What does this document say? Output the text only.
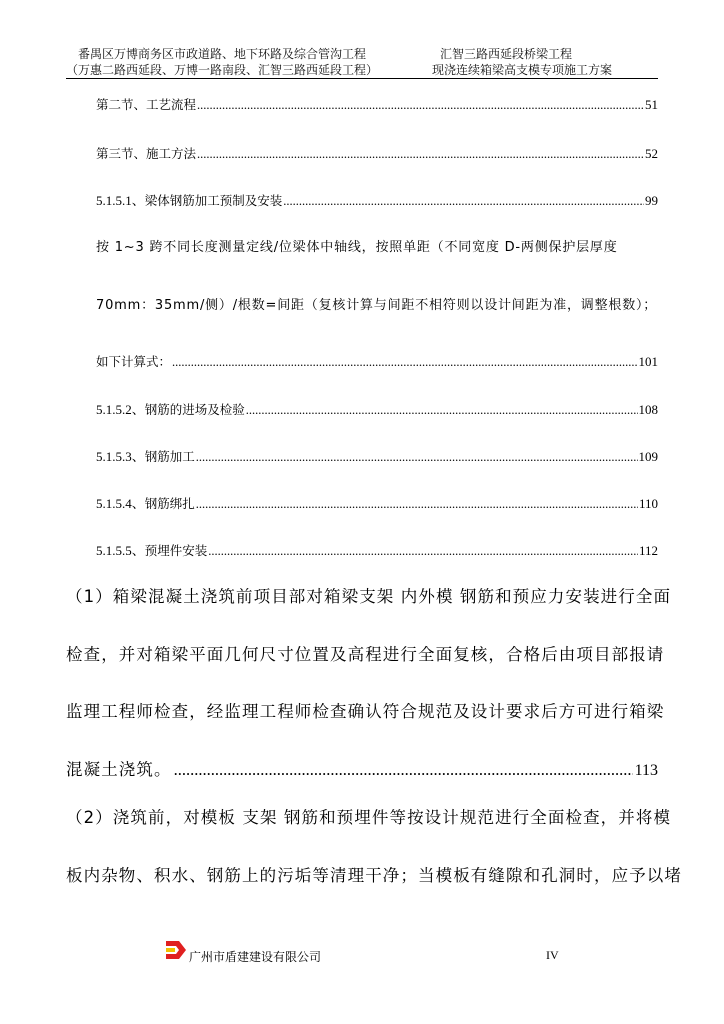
番禺区万博商务区市政道路、地下环路及综合管沟工程
（万惠二路西延段、万博一路南段、汇智三路西延段工程）
汇智三路西延段桥梁工程
现浇连续箱梁高支模专项施工方案
第二节、工艺流程 .....	51
第三节、施工方法 .....	52
5.1.5.1、 梁体钢筋加工预制及安装 .....	99
按 1~3 跨不同长度测量定线/位梁体中轴线，按照单距（不同宽度 D-两侧保护层厚度
70mm：35mm/侧）/根数=间距（复核计算与间距不相符则以设计间距为准，调整根数）；
如下计算式： .....	101
5.1.5.2、 钢筋的进场及检验 .....	108
5.1.5.3、 钢筋加工 .....	109
5.1.5.4、 钢筋绑扎 .....	110
5.1.5.5、 预埋件安装 .....	112
（1）箱梁混凝土浇筑前项目部对箱梁支架 内外模 钢筋和预应力安装进行全面
检查，并对箱梁平面几何尺寸位置及高程进行全面复核，合格后由项目部报请
监理工程师检查，经监理工程师检查确认符合规范及设计要求后方可进行箱梁
混凝土浇筑。 .....	113
（2）浇筑前，对模板 支架 钢筋和预埋件等按设计规范进行全面检查，并将模
板内杂物、积水、钢筋上的污垢等清理干净；当模板有缝隙和孔洞时，应予以堵
广州市盾建建设有限公司	IV
